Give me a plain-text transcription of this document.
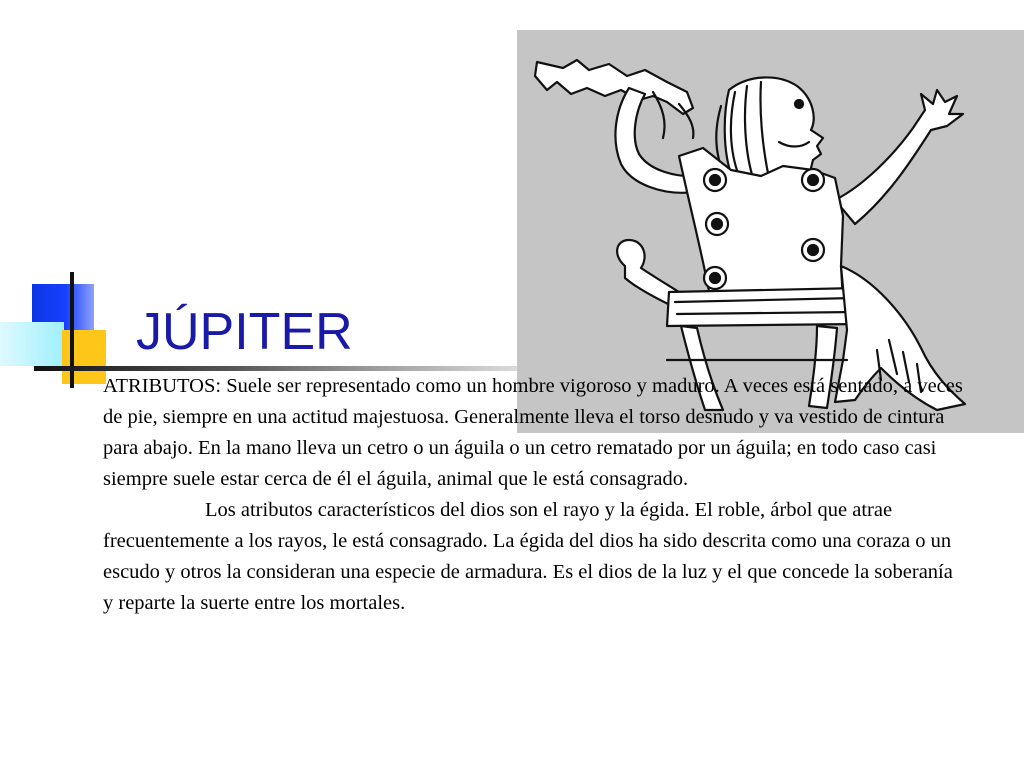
JÚPITER

ATRIBUTOS: Suele ser representado como un hombre vigoroso y maduro. A veces está sentado, a veces de pie, siempre en una actitud majestuosa. Generalmente lleva el torso desnudo y va vestido de cintura para abajo. En la mano lleva un cetro o un águila o un cetro rematado por un águila; en todo caso casi siempre suele estar cerca de él el águila, animal que le está consagrado.

Los atributos característicos del dios son el rayo y la égida. El roble, árbol que atrae frecuentemente a los rayos, le está consagrado. La égida del dios ha sido descrita como una coraza o un escudo y otros la consideran una especie de armadura. Es el dios de la luz y el que concede la soberanía y reparte la suerte entre los mortales.
